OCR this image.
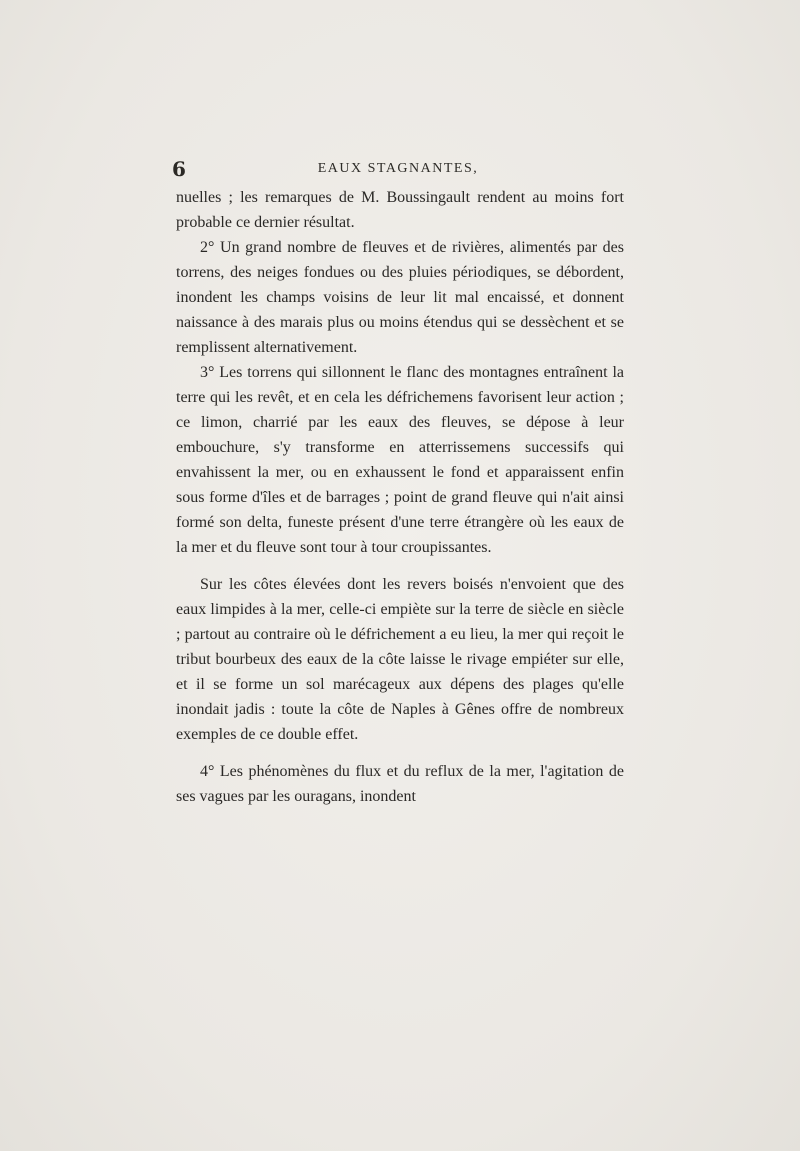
6	EAUX STAGNANTES,

nuelles ; les remarques de M. Boussingault rendent au moins fort probable ce dernier résultat.

2° Un grand nombre de fleuves et de rivières, alimentés par des torrens, des neiges fondues ou des pluies périodiques, se débordent, inondent les champs voisins de leur lit mal encaissé, et donnent naissance à des marais plus ou moins étendus qui se dessèchent et se remplissent alternativement.

3° Les torrens qui sillonnent le flanc des montagnes entraînent la terre qui les revêt, et en cela les défrichemens favorisent leur action ; ce limon, charrié par les eaux des fleuves, se dépose à leur embouchure, s'y transforme en atterrissemens successifs qui envahissent la mer, ou en exhaussent le fond et apparaissent enfin sous forme d'îles et de barrages ; point de grand fleuve qui n'ait ainsi formé son delta, funeste présent d'une terre étrangère où les eaux de la mer et du fleuve sont tour à tour croupissantes.

Sur les côtes élevées dont les revers boisés n'envoient que des eaux limpides à la mer, celle-ci empiète sur la terre de siècle en siècle ; partout au contraire où le défrichement a eu lieu, la mer qui reçoit le tribut bourbeux des eaux de la côte laisse le rivage empiéter sur elle, et il se forme un sol marécageux aux dépens des plages qu'elle inondait jadis : toute la côte de Naples à Gênes offre de nombreux exemples de ce double effet.

4° Les phénomènes du flux et du reflux de la mer, l'agitation de ses vagues par les ouragans, inondent
